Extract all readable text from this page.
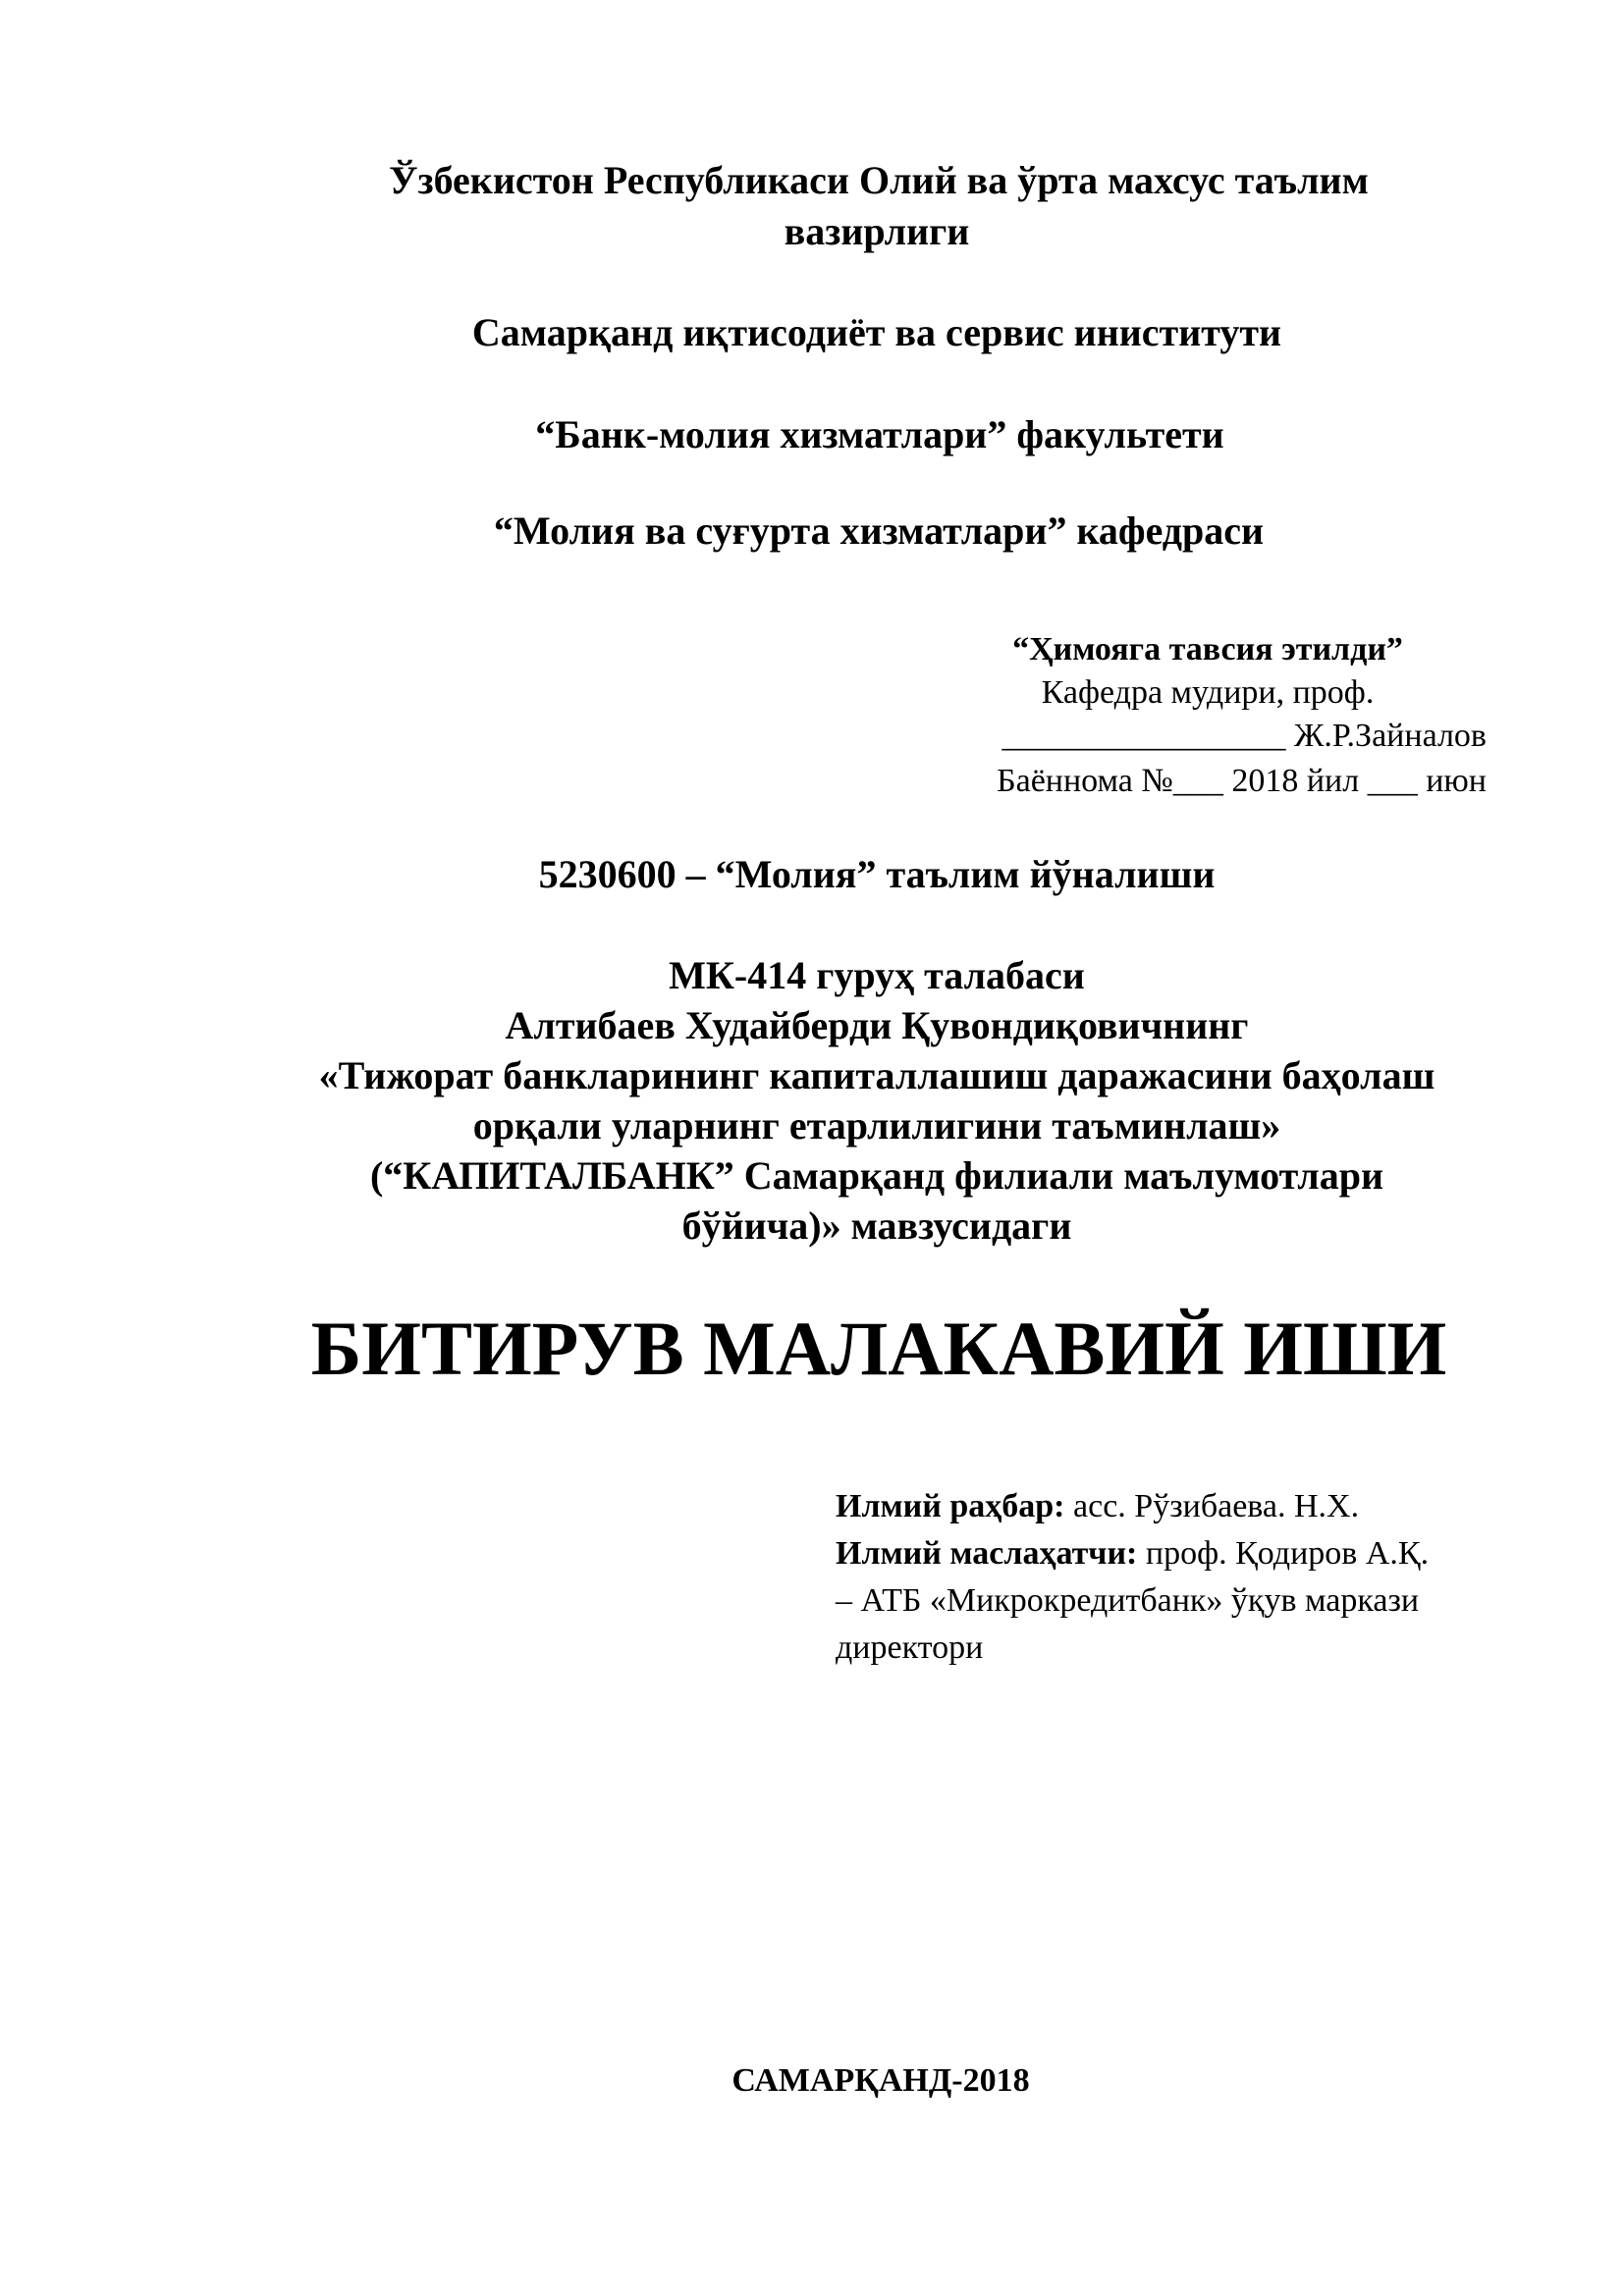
Ўзбекистон Республикаси Олий ва ўрта махсус таълим
вазирлиги
Самарқанд иқтисодиёт ва сервис иниститути
“Банк-молия хизматлари” факультети
“Молия ва суғурта хизматлари” кафедраси
“Ҳимояга тавсия этилди”
Кафедра мудири, проф.
_________________ Ж.Р.Зайналов
Баённома №___ 2018 йил ___ июн
5230600 – “Молия” таълим йўналиши
МК-414 гуруҳ талабаси
Алтибаев Худайберди Қувондиқовичнинг
«Тижорат банкларининг капиталлашиш даражасини баҳолаш
орқали уларнинг етарлилигини таъминлаш»
(“КАПИТАЛБАНК” Самарқанд филиали маълумотлари
бўйича)» мавзусидаги
БИТИРУВ МАЛАКАВИЙ ИШИ
Илмий раҳбар: асс. Рўзибаева. Н.Х.
Илмий маслаҳатчи: проф. Қодиров А.Қ.
– АТБ «Микрокредитбанк» ўқув маркази
директори
САМАРҚАНД-2018
